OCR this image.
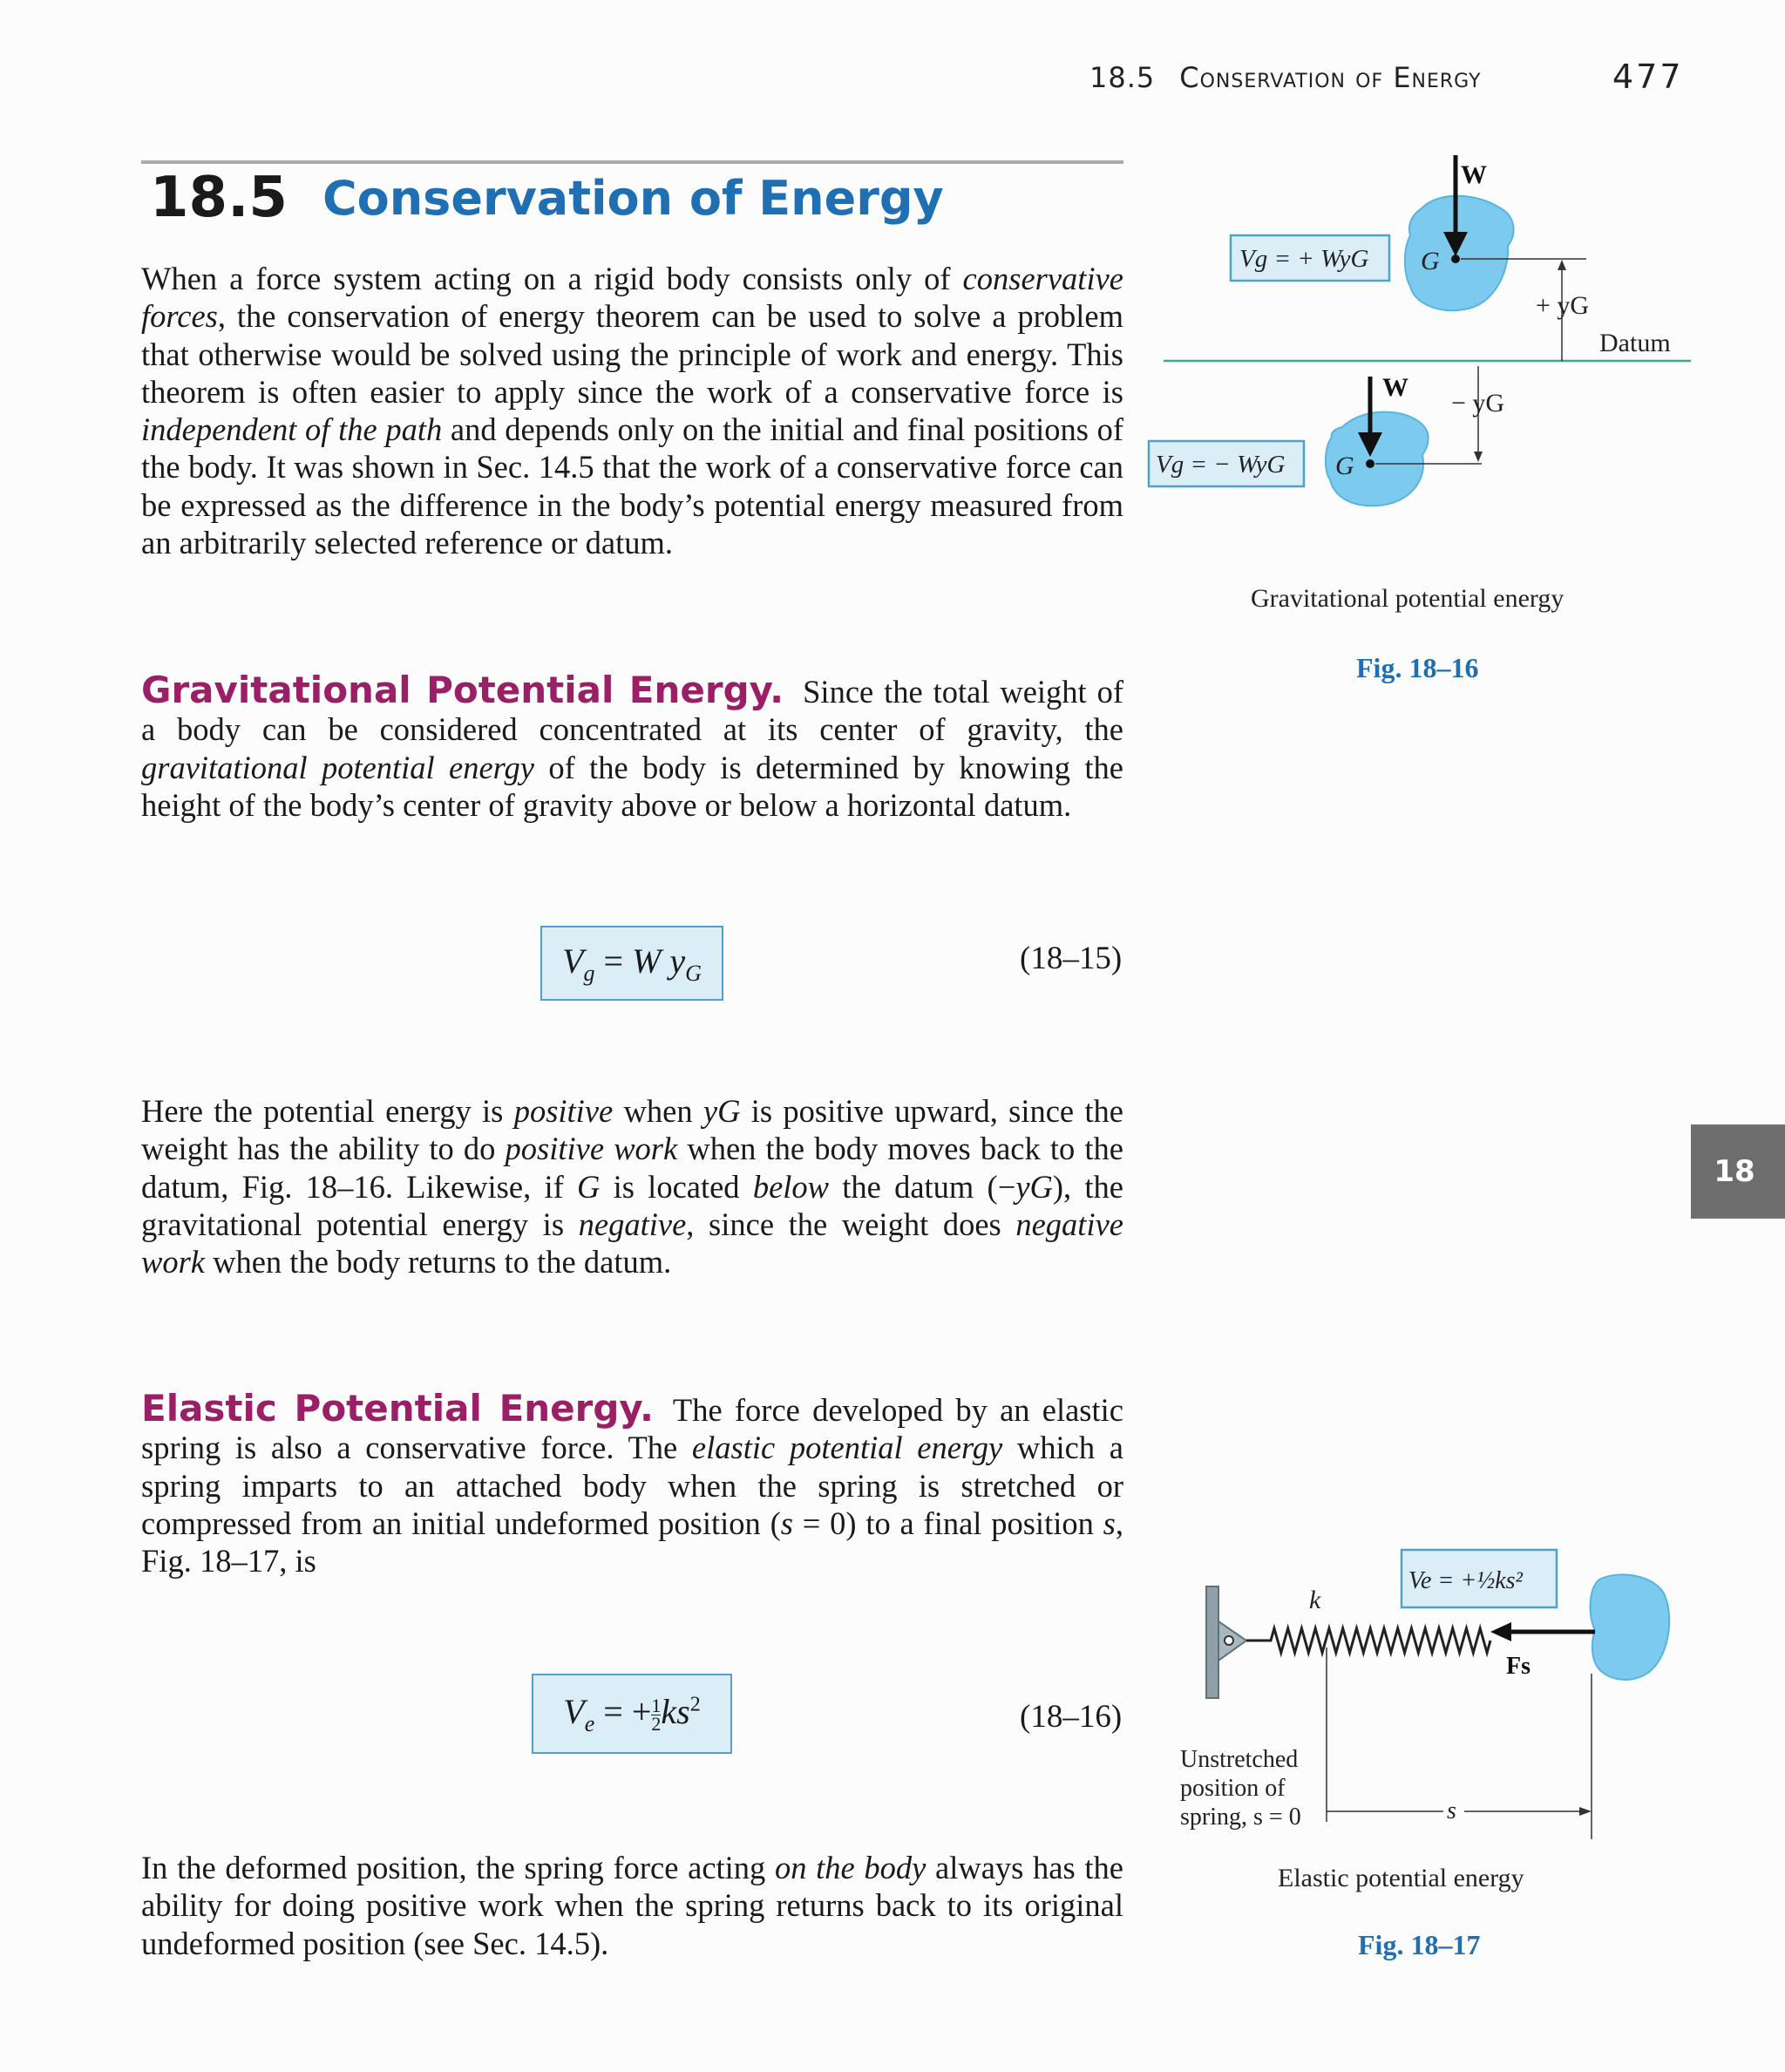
18.5 Conservation of Energy	477
18.5 Conservation of Energy
When a force system acting on a rigid body consists only of conservative forces, the conservation of energy theorem can be used to solve a problem that otherwise would be solved using the principle of work and energy. This theorem is often easier to apply since the work of a conservative force is independent of the path and depends only on the initial and final positions of the body. It was shown in Sec. 14.5 that the work of a conservative force can be expressed as the difference in the body’s potential energy measured from an arbitrarily selected reference or datum.
Gravitational Potential Energy. Since the total weight of a body can be considered concentrated at its center of gravity, the gravitational potential energy of the body is determined by knowing the height of the body’s center of gravity above or below a horizontal datum.
$V_g = W$ $y_G$	(18–15)
Here the potential energy is positive when yG is positive upward, since the weight has the ability to do positive work when the body moves back to the datum, Fig. 18–16. Likewise, if G is located below the datum (−yG), the gravitational potential energy is negative, since the weight does negative work when the body returns to the datum.
Elastic Potential Energy. The force developed by an elastic spring is also a conservative force. The elastic potential energy which a spring imparts to an attached body when the spring is stretched or compressed from an initial undeformed position (s = 0) to a final position s, Fig. 18–17, is
$V_e$ = + $\frac{1}{2} ks^2$	(18–16)
In the deformed position, the spring force acting on the body always has the ability for doing positive work when the spring returns back to its original undeformed position (see Sec. 14.5).
18
Datum
W
G
+ yG
Vg = + WyG
W
G
− yG
Vg = − WyG
Gravitational potential energy
Fig. 18–16
k
Fs
Ve = +½ks²
s
Unstretched
position of
spring, s = 0
Elastic potential energy
Fig. 18–17
